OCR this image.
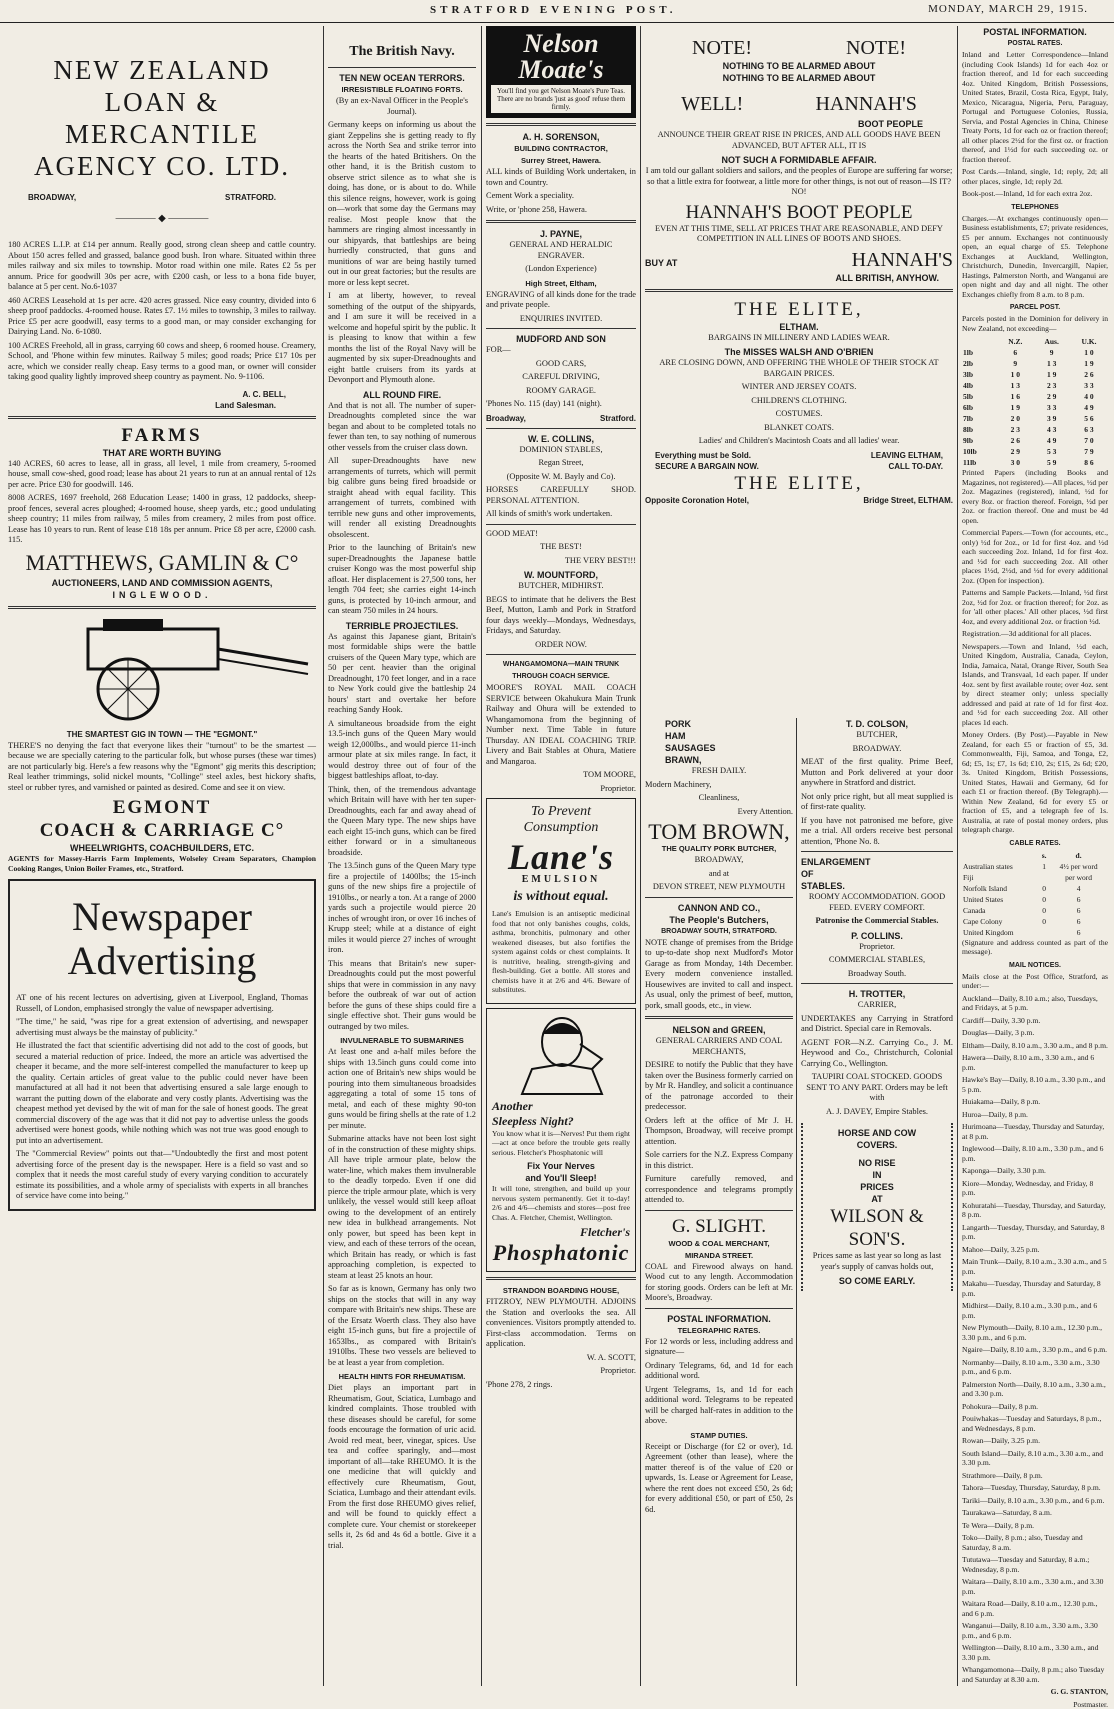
STRATFORD EVENING POST.	MONDAY, MARCH 29, 1915.
NEW ZEALAND
LOAN & MERCANTILE
AGENCY CO. LTD.
BROADWAY,	STRATFORD.
———— ◆ ————

180 ACRES L.I.P. at £14 per annum. Really good, strong clean sheep and cattle country. About 150 acres felled and grassed, balance good bush. Iron whare. Situated within three miles railway and six miles to township. Motor road within one mile. Rates £2 5s per annum. Price for goodwill 30s per acre, with £200 cash, or less to a bona fide buyer, balance at 5 per cent. No.6-1037

460 ACRES Leasehold at 1s per acre. 420 acres grassed. Nice easy country, divided into 6 sheep proof paddocks. 4-roomed house. Rates £7. 1½ miles to township, 3 miles to railway. Price £5 per acre goodwill, easy terms to a good man, or may consider exchanging for Dairying Land. No. 6-1080.

100 ACRES Freehold, all in grass, carrying 60 cows and sheep, 6 roomed house. Creamery, School, and 'Phone within few minutes. Railway 5 miles; good roads; Price £17 10s per acre, which we consider really cheap. Easy terms to a good man, or owner will consider taking good quality lightly improved sheep country as payment. No. 9-1106.

A. C. BELL,
Land Salesman.
FARMS
THAT ARE WORTH BUYING

140 ACRES, 60 acres to lease, all in grass, all level, 1 mile from creamery, 5-roomed house, small cow-shed, good road; lease has about 21 years to run at an annual rental of 12s per acre. Price £30 for goodwill. 146.

8008 ACRES, 1697 freehold, 268 Education Lease; 1400 in grass, 12 paddocks, sheep-proof fences, several acres ploughed; 4-roomed house, sheep yards, etc.; good undulating sheep country; 11 miles from railway, 5 miles from creamery, 2 miles from post office. Lease has 10 years to run. Rent of lease £18 18s per annum. Price £8 per acre, £2000 cash. 115.

MATTHEWS, GAMLIN & C°
AUCTIONEERS, LAND AND COMMISSION AGENTS,
INGLEWOOD.
THE SMARTEST GIG IN TOWN — THE "EGMONT."

THERE'S no denying the fact that everyone likes their "turnout" to be the smartest — because we are specially catering to the particular folk, but whose purses (these war times) are not particularly big. Here's a few reasons why the "Egmont" gig merits this description; Real leather trimmings, solid nickel mounts, "Collinge" steel axles, best hickory shafts, steel or rubber tyres, and varnished or painted as desired. Come and see it on view.

EGMONT
COACH & CARRIAGE C°
WHEELWRIGHTS, COACHBUILDERS, ETC.

AGENTS for Massey-Harris Farm Implements, Wolseley Cream Separators, Champion Cooking Ranges, Union Boiler Frames, etc., Stratford.

Newspaper
Advertising

AT one of his recent lectures on advertising, given at Liverpool, England, Thomas Russell, of London, emphasised strongly the value of newspaper advertising.

"The time," he said, "was ripe for a great extension of advertising, and newspaper advertising must always be the mainstay of publicity."

He illustrated the fact that scientific advertising did not add to the cost of goods, but secured a material reduction of price. Indeed, the more an article was advertised the cheaper it became, and the more self-interest compelled the manufacturer to keep up the quality. Certain articles of great value to the public could never have been manufactured at all had it not been that advertising ensured a sale large enough to warrant the putting down of the elaborate and very costly plants. Advertising was the cheapest method yet devised by the wit of man for the sale of honest goods. The great commercial discovery of the age was that it did not pay to advertise unless the goods advertised were honest goods, while nothing which was not true was good enough to put into an advertisement.

The "Commercial Review" points out that—"Undoubtedly the first and most potent advertising force of the present day is the newspaper. Here is a field so vast and so complex that it needs the most careful study of every varying condition to accurately estimate its possibilities, and a whole army of specialists with experts in all branches of service have come into being."

The British Navy.
TEN NEW OCEAN TERRORS.
IRRESISTIBLE FLOATING FORTS.

(By an ex-Naval Officer in the People's Journal).

Germany keeps on informing us about the giant Zeppelins she is getting ready to fly across the North Sea and strike terror into the hearts of the hated Britishers. On the other hand, it is the British custom to observe strict silence as to what she is doing, has done, or is about to do. While this silence reigns, however, work is going on—work that some day the Germans may realise. Most people know that the hammers are ringing almost incessantly in our shipyards, that battleships are being hurriedly constructed, that guns and munitions of war are being hastily turned out in our great factories; but the results are more or less kept secret.

I am at liberty, however, to reveal something of the output of the shipyards, and I am sure it will be received in a welcome and hopeful spirit by the public. It is pleasing to know that within a few months the list of the Royal Navy will be augmented by six super-Dreadnoughts and eight battle cruisers from its yards at Devonport and Plymouth alone.

ALL ROUND FIRE.

And that is not all. The number of super-Dreadnoughts completed since the war began and about to be completed totals no fewer than ten, to say nothing of numerous other vessels from the cruiser class down.

All super-Dreadnoughts have new arrangements of turrets, which will permit big calibre guns being fired broadside or straight ahead with equal facility. This arrangement of turrets, combined with terrible new guns and other improvements, will render all existing Dreadnoughts obsolescent.

Prior to the launching of Britain's new super-Dreadnoughts the Japanese battle cruiser Kongo was the most powerful ship afloat. Her displacement is 27,500 tons, her length 704 feet; she carries eight 14-inch guns, is protected by 10-inch armour, and can steam 750 miles in 24 hours.

TERRIBLE PROJECTILES.

As against this Japanese giant, Britain's most formidable ships were the battle cruisers of the Queen Mary type, which are 50 per cent. heavier than the original Dreadnought, 170 feet longer, and in a race to New York could give the battleship 24 hours' start and overtake her before reaching Sandy Hook.

A simultaneous broadside from the eight 13.5-inch guns of the Queen Mary would weigh 12,000lbs., and would pierce 11-inch armour plate at six miles range. In fact, it would destroy three out of four of the biggest battleships afloat, to-day.

Think, then, of the tremendous advantage which Britain will have with her ten super-Dreadnoughts, each far and away ahead of the Queen Mary type. The new ships have each eight 15-inch guns, which can be fired either forward or in a simultaneous broadside.

The 13.5inch guns of the Queen Mary type fire a projectile of 1400lbs; the 15-inch guns of the new ships fire a projectile of 1910lbs., or nearly a ton. At a range of 2000 yards such a projectile would pierce 20 inches of wrought iron, or over 16 inches of Krupp steel; while at a distance of eight miles it would pierce 27 inches of wrought iron.

This means that Britain's new super-Dreadnoughts could put the most powerful ships that were in commission in any navy before the outbreak of war out of action before the guns of these ships could fire a single effective shot. Their guns would be outranged by two miles.

INVULNERABLE TO SUBMARINES

At least one and a-half miles before the ships with 13.5inch guns could come into action one of Britain's new ships would be pouring into them simultaneous broadsides aggregating a total of some 15 tons of metal, and each of these mighty 90-ton guns would be firing shells at the rate of 1.2 per minute.

Submarine attacks have not been lost sight of in the construction of these mighty ships. All have triple armour plate, below the water-line, which makes them invulnerable to the deadly torpedo. Even if one did pierce the triple armour plate, which is very unlikely, the vessel would still keep afloat owing to the development of an entirely new idea in bulkhead arrangements. Not only power, but speed has been kept in view, and each of these terrors of the ocean, which Britain has ready, or which is fast approaching completion, is expected to steam at least 25 knots an hour.

So far as is known, Germany has only two ships on the stocks that will in any way compare with Britain's new ships. These are of the Ersatz Woerth class. They also have eight 15-inch guns, but fire a projectile of 1653lbs., as compared with Britain's 1910lbs. These two vessels are believed to be at least a year from completion.

HEALTH HINTS FOR RHEUMATISM.

Diet plays an important part in Rheumatism, Gout, Sciatica, Lumbago and kindred complaints. Those troubled with these diseases should be careful, for some foods encourage the formation of uric acid. Avoid red meat, beer, vinegar, spices. Use tea and coffee sparingly, and—most important of all—take RHEUMO. It is the one medicine that will quickly and effectively cure Rheumatism, Gout, Sciatica, Lumbago and their attendant evils. From the first dose RHEUMO gives relief, and will be found to quickly effect a complete cure. Your chemist or storekeeper sells it, 2s 6d and 4s 6d a bottle. Give it a trial.

Nelson Moate's
You'll find you get Nelson Moate's Pure Teas. There are no brands 'just as good' refuse them firmly.
A. H. SORENSON,
BUILDING CONTRACTOR,
Surrey Street, Hawera.

ALL kinds of Building Work undertaken, in town and Country.

Cement Work a speciality.

Write, or 'phone 258, Hawera.

J. PAYNE,

GENERAL AND HERALDIC ENGRAVER.

(London Experience)

High Street, Eltham,

ENGRAVING of all kinds done for the trade and private people.

ENQUIRIES INVITED.

MUDFORD AND SON

FOR—

GOOD CARS,

CAREFUL DRIVING,

ROOMY GARAGE.

'Phones No. 115 (day) 141 (night).

Broadway,	Stratford.
W. E. COLLINS,

DOMINION STABLES,

Regan Street,

(Opposite W. M. Bayly and Co).

HORSES CAREFULLY SHOD. PERSONAL ATTENTION.

All kinds of smith's work undertaken.

GOOD MEAT!

THE BEST!

THE VERY BEST!!!

W. MOUNTFORD,

BUTCHER, MIDHIRST.

BEGS to intimate that he delivers the Best Beef, Mutton, Lamb and Pork in Stratford four days weekly—Mondays, Wednesdays, Fridays, and Saturday.

ORDER NOW.

WHANGAMOMONA—MAIN TRUNK THROUGH COACH SERVICE.

MOORE'S ROYAL MAIL COACH SERVICE between Okahukura Main Trunk Railway and Ohura will be extended to Whangamomona from the beginning of Number next. Time Table in future Thursday. AN IDEAL COACHING TRIP. Livery and Bait Stables at Ohura, Matiere and Mangaroa.

TOM MOORE,

Proprietor.

To Prevent
Consumption
Lane's
EMULSION
is without equal.

Lane's Emulsion is an antiseptic medicinal food that not only banishes coughs, colds, asthma, bronchitis, pulmonary and other weakened diseases, but also fortifies the system against colds or chest complaints. It is nutritive, healing, strength-giving and flesh-building. Get a bottle. All stores and chemists have it at 2/6 and 4/6. Beware of substitutes.

Another
Sleepless Night?

You know what it is—Nerves! Put them right—act at once before the trouble gets really serious. Fletcher's Phosphatonic will

Fix Your Nerves
and You'll Sleep!

It will tone, strengthen, and build up your nervous system permanently. Get it to-day! 2/6 and 4/6—chemists and stores—post free Chas. A. Fletcher, Chemist, Wellington.

Fletcher's
Phosphatonic
STRANDON BOARDING HOUSE,

FITZROY, NEW PLYMOUTH. ADJOINS the Station and overlooks the sea. All conveniences. Visitors promptly attended to. First-class accommodation. Terms on application.

W. A. SCOTT,

Proprietor.

'Phone 278, 2 rings.

NOTE!	NOTE!
NOTHING TO BE ALARMED ABOUT
NOTHING TO BE ALARMED ABOUT
WELL!	HANNAH'S
BOOT PEOPLE

ANNOUNCE THEIR GREAT RISE IN PRICES, AND ALL GOODS HAVE BEEN ADVANCED, BUT AFTER ALL, IT IS

NOT SUCH A FORMIDABLE AFFAIR.

I am told our gallant soldiers and sailors, and the peoples of Europe are suffering far worse; so that a little extra for footwear, a little more for other things, is not out of reason—IS IT? NO!

HANNAH'S BOOT PEOPLE

EVEN AT THIS TIME, SELL AT PRICES THAT ARE REASONABLE, AND DEFY COMPETITION IN ALL LINES OF BOOTS AND SHOES.

BUY AT	HANNAH'S
ALL BRITISH, ANYHOW.
THE ELITE,
ELTHAM.

BARGAINS IN MILLINERY AND LADIES WEAR.

The MISSES WALSH AND O'BRIEN

ARE CLOSING DOWN, AND OFFERING THE WHOLE OF THEIR STOCK AT BARGAIN PRICES.

WINTER AND JERSEY COATS.

CHILDREN'S CLOTHING.

COSTUMES.

BLANKET COATS.

Ladies' and Children's Macintosh Coats and all ladies' wear.

Everything must be Sold.	LEAVING ELTHAM,
SECURE A BARGAIN NOW.	CALL TO-DAY.
THE ELITE,
Opposite Coronation Hotel,	Bridge Street, ELTHAM.
PORK
HAM
SAUSAGES
BRAWN,

FRESH DAILY.

Modern Machinery,

Cleanliness,

Every Attention.

TOM BROWN,
THE QUALITY PORK BUTCHER,

BROADWAY,

and at

DEVON STREET, NEW PLYMOUTH

CANNON AND CO.,
The People's Butchers,
BROADWAY SOUTH, STRATFORD.

NOTE change of premises from the Bridge to up-to-date shop next Mudford's Motor Garage as from Monday, 14th December. Every modern convenience installed. Housewives are invited to call and inspect. As usual, only the primest of beef, mutton, pork, small goods, etc., in view.

NELSON and GREEN,

GENERAL CARRIERS AND COAL MERCHANTS,

DESIRE to notify the Public that they have taken over the Business formerly carried on by Mr R. Handley, and solicit a continuance of the patronage accorded to their predecessor.

Orders left at the office of Mr J. H. Thompson, Broadway, will receive prompt attention.

Sole carriers for the N.Z. Express Company in this district.

Furniture carefully removed, and correspondence and telegrams promptly attended to.

G. SLIGHT.
WOOD & COAL MERCHANT,
MIRANDA STREET.

COAL and Firewood always on hand. Wood cut to any length. Accommodation for storing goods. Orders can be left at Mr. Moore's, Broadway.

POSTAL INFORMATION.
TELEGRAPHIC RATES.

For 12 words or less, including address and signature—

Ordinary Telegrams, 6d, and 1d for each additional word.

Urgent Telegrams, 1s, and 1d for each additional word. Telegrams to be repeated will be charged half-rates in addition to the above.

STAMP DUTIES.

Receipt or Discharge (for £2 or over), 1d. Agreement (other than lease), where the matter thereof is of the value of £20 or upwards, 1s. Lease or Agreement for Lease, where the rent does not exceed £50, 2s 6d; for every additional £50, or part of £50, 2s 6d.

T. D. COLSON,

BUTCHER,

BROADWAY.

MEAT of the first quality. Prime Beef, Mutton and Pork delivered at your door anywhere in Stratford and district.

Not only price right, but all meat supplied is of first-rate quality.

If you have not patronised me before, give me a trial. All orders receive best personal attention, 'Phone No. 8.

ENLARGEMENT
OF
STABLES.

ROOMY ACCOMMODATION. GOOD FEED. EVERY COMFORT.

Patronise the Commercial Stables.

P. COLLINS.

Proprietor.

COMMERCIAL STABLES,

Broadway South.

H. TROTTER,

CARRIER,

UNDERTAKES any Carrying in Stratford and District. Special care in Removals.

AGENT FOR—N.Z. Carrying Co., J. M. Heywood and Co., Christchurch, Colonial Carrying Co., Wellington.

TAUPIRI COAL STOCKED. GOODS SENT TO ANY PART. Orders may be left with

A. J. DAVEY, Empire Stables.

HORSE AND COW
COVERS.
NO RISE
IN
PRICES
AT
WILSON &
SON'S.

Prices same as last year so long as last year's supply of canvas holds out,

SO COME EARLY.
POSTAL INFORMATION.
POSTAL RATES.

Inland and Letter Correspondence—Inland (including Cook Islands) 1d for each 4oz or fraction thereof, and 1d for each succeeding 4oz. United Kingdom, British Possessions, United States, Brazil, Costa Rica, Egypt, Italy, Mexico, Nicaragua, Nigeria, Peru, Paraguay, Portugal and Portuguese Colonies, Russia, Servia, and Postal Agencies in China, Chinese Treaty Ports, 1d for each oz or fraction thereof; all other places 2½d for the first oz. or fraction thereof, and 1½d for each succeeding oz. or fraction thereof.

Post Cards.—Inland, single, 1d; reply, 2d; all other places, single, 1d; reply 2d.

Book-post.—Inland, 1d for each extra 2oz.

TELEPHONES

Charges.—At exchanges continuously open—Business establishments, £7; private residences, £5 per annum. Exchanges not continuously open, an equal charge of £5. Telephone Exchanges at Auckland, Wellington, Christchurch, Dunedin, Invercargill, Napier, Hastings, Palmerston North, and Wanganui are open night and day and all night. The other Exchanges chiefly from 8 a.m. to 8 p.m.

PARCEL POST.

Parcels posted in the Dominion for delivery in New Zealand, not exceeding—

	N.Z.	Aus.	U.K.
1lb	6	9	1 0
2lb	9	1 3	1 9
3lb	1 0	1 9	2 6
4lb	1 3	2 3	3 3
5lb	1 6	2 9	4 0
6lb	1 9	3 3	4 9
7lb	2 0	3 9	5 6
8lb	2 3	4 3	6 3
9lb	2 6	4 9	7 0
10lb	2 9	5 3	7 9
11lb	3 0	5 9	8 6

Printed Papers (including Books and Magazines, not registered).—All places, ½d per 2oz. Magazines (registered), inland, ½d for every 8oz. or fraction thereof. Foreign, ½d per 2oz. or fraction thereof. One and must be 4d open.

Commercial Papers.—Town (for accounts, etc., only) ½d for 2oz., or 1d for first 4oz. and ½d each succeeding 2oz. Inland, 1d for first 4oz. and ½d for each succeeding 2oz. All other places 1½d, 2½d, and ½d for every additional 2oz. (Open for inspection).

Patterns and Sample Packets.—Inland, ½d first 2oz, ½d for 2oz. or fraction thereof; for 2oz. as for 'all other places.' All other places, ½d first 4oz, and every additional 2oz. or fraction ½d.

Registration.—3d additional for all places.

Newspapers.—Town and Inland, ½d each, United Kingdom, Australia, Canada, Ceylon, India, Jamaica, Natal, Orange River, South Sea Islands, and Transvaal, 1d each paper. If under 4oz. sent by first available route; over 4oz. sent by direct steamer only; unless specially addressed and paid at rate of 1d for first 4oz. and ½d for each succeeding 2oz. All other places 1d each.

Money Orders. (By Post).—Payable in New Zealand, for each £5 or fraction of £5, 3d. Commonwealth, Fiji, Samoa, and Tonga, £2, 6d; £5, 1s; £7, 1s 6d; £10, 2s; £15, 2s 6d; £20, 3s. United Kingdom, British Possessions, United States, Hawaii and Germany, 6d for each £1 or fraction thereof. (By Telegraph).—Within New Zealand, 6d for every £5 or fraction of £5, and a telegraph fee of 1s. Australia, at rate of postal money orders, plus telegraph charge.

CABLE RATES.
	s.	d.
Australian states	1	4½ per word
Fiji		per word
Norfolk Island	0	4
United States	0	6
Canada	0	6
Cape Colony	0	6
United Kingdom		6

(Signature and address counted as part of the message).

MAIL NOTICES.

Mails close at the Post Office, Stratford, as under:—

Auckland—Daily, 8.10 a.m.; also, Tuesdays, and Fridays, at 5 p.m.

Cardiff—Daily, 3.30 p.m.

Douglas—Daily, 3 p.m.

Eltham—Daily, 8.10 a.m., 3.30 a.m., and 8 p.m.

Hawera—Daily, 8.10 a.m., 3.30 a.m., and 6 p.m.

Hawke's Bay—Daily, 8.10 a.m., 3.30 p.m., and 5 p.m.

Huiakama—Daily, 8 p.m.

Huroa—Daily, 8 p.m.

Hurimoana—Tuesday, Thursday and Saturday, at 8 p.m.

Inglewood—Daily, 8.10 a.m., 3.30 p.m., and 6 p.m.

Kaponga—Daily, 3.30 p.m.

Kiore—Monday, Wednesday, and Friday, 8 p.m.

Kohuratahi—Tuesday, Thursday, and Saturday, 8 p.m.

Langarth—Tuesday, Thursday, and Saturday, 8 p.m.

Mahoe—Daily, 3.25 p.m.

Main Trunk—Daily, 8.10 a.m., 3.30 a.m., and 5 p.m.

Makahu—Tuesday, Thursday and Saturday, 8 p.m.

Midhirst—Daily, 8.10 a.m., 3.30 p.m., and 6 p.m.

New Plymouth—Daily, 8.10 a.m., 12.30 p.m., 3.30 p.m., and 6 p.m.

Ngaire—Daily, 8.10 a.m., 3.30 p.m., and 6 p.m.

Normanby—Daily, 8.10 a.m., 3.30 a.m., 3.30 p.m., and 6 p.m.

Palmerston North—Daily, 8.10 a.m., 3.30 a.m., and 3.30 p.m.

Pohokura—Daily, 8 p.m.

Pouiwhakas—Tuesday and Saturdays, 8 p.m., and Wednesdays, 8 p.m.

Rowan—Daily, 3.25 p.m.

South Island—Daily, 8.10 a.m., 3.30 a.m., and 3.30 p.m.

Strathmore—Daily, 8 p.m.

Tahora—Tuesday, Thursday, Saturday, 8 p.m.

Tariki—Daily, 8.10 a.m., 3.30 p.m., and 6 p.m.

Taurakawa—Saturday, 8 a.m.

Te Wera—Daily, 8 p.m.

Toko—Daily, 8 p.m.; also, Tuesday and Saturday, 8 a.m.

Tututawa—Tuesday and Saturday, 8 a.m.; Wednesday, 8 p.m.

Waitara—Daily, 8.10 a.m., 3.30 a.m., and 3.30 p.m.

Waitara Road—Daily, 8.10 a.m., 12.30 p.m., and 6 p.m.

Wanganui—Daily, 8.10 a.m., 3.30 a.m., 3.30 p.m., and 6 p.m.

Wellington—Daily, 8.10 a.m., 3.30 a.m., and 3.30 p.m.

Whangamomona—Daily, 8 p.m.; also Tuesday and Saturday at 8.30 a.m.

G. G. STANTON,

Postmaster.
